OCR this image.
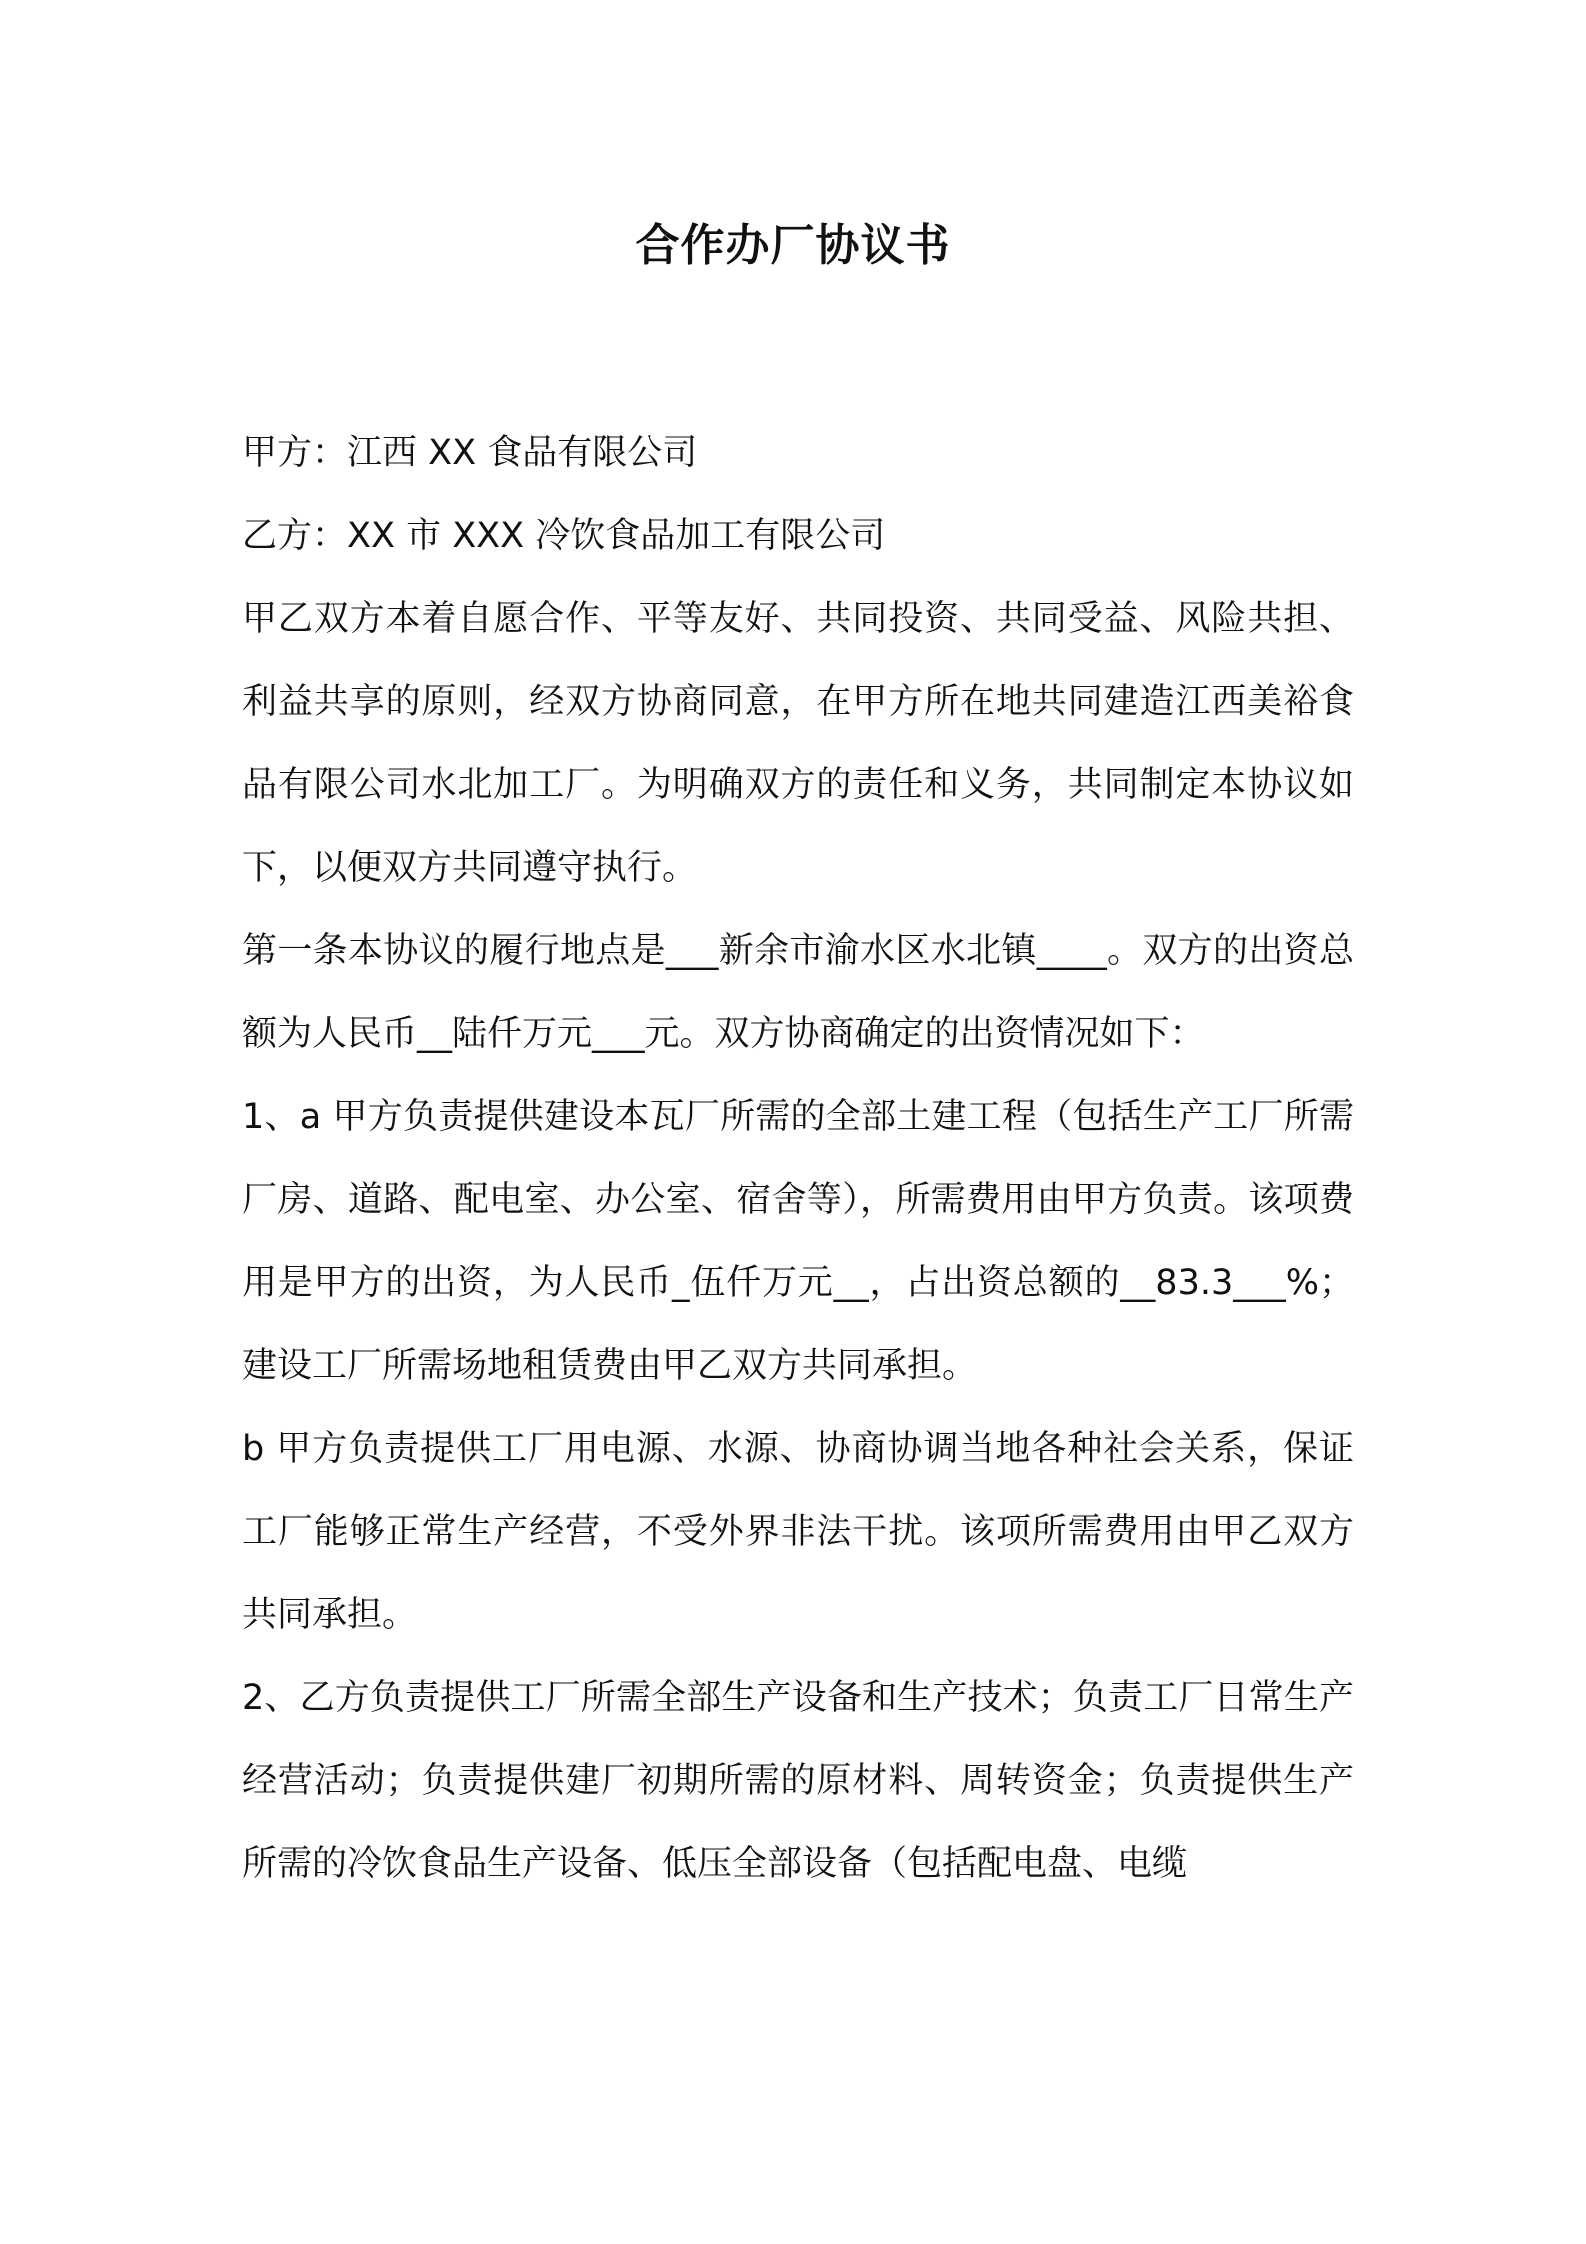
合作办厂协议书

甲方：江西 XX 食品有限公司

乙方：XX 市 XXX 冷饮食品加工有限公司

甲乙双方本着自愿合作、平等友好、共同投资、共同受益、风险共担、利益共享的原则，经双方协商同意，在甲方所在地共同建造江西美裕食品有限公司水北加工厂。为明确双方的责任和义务，共同制定本协议如下，以便双方共同遵守执行。

第一条本协议的履行地点是___新余市渝水区水北镇____。双方的出资总额为人民币__陆仟万元___元。双方协商确定的出资情况如下：

1、a 甲方负责提供建设本瓦厂所需的全部土建工程（包括生产工厂所需厂房、道路、配电室、办公室、宿舍等），所需费用由甲方负责。该项费用是甲方的出资，为人民币_伍仟万元__，占出资总额的__83.3___%；建设工厂所需场地租赁费由甲乙双方共同承担。

b 甲方负责提供工厂用电源、水源、协商协调当地各种社会关系，保证工厂能够正常生产经营，不受外界非法干扰。该项所需费用由甲乙双方共同承担。

2、乙方负责提供工厂所需全部生产设备和生产技术；负责工厂日常生产经营活动；负责提供建厂初期所需的原材料、周转资金；负责提供生产所需的冷饮食品生产设备、低压全部设备（包括配电盘、电缆
